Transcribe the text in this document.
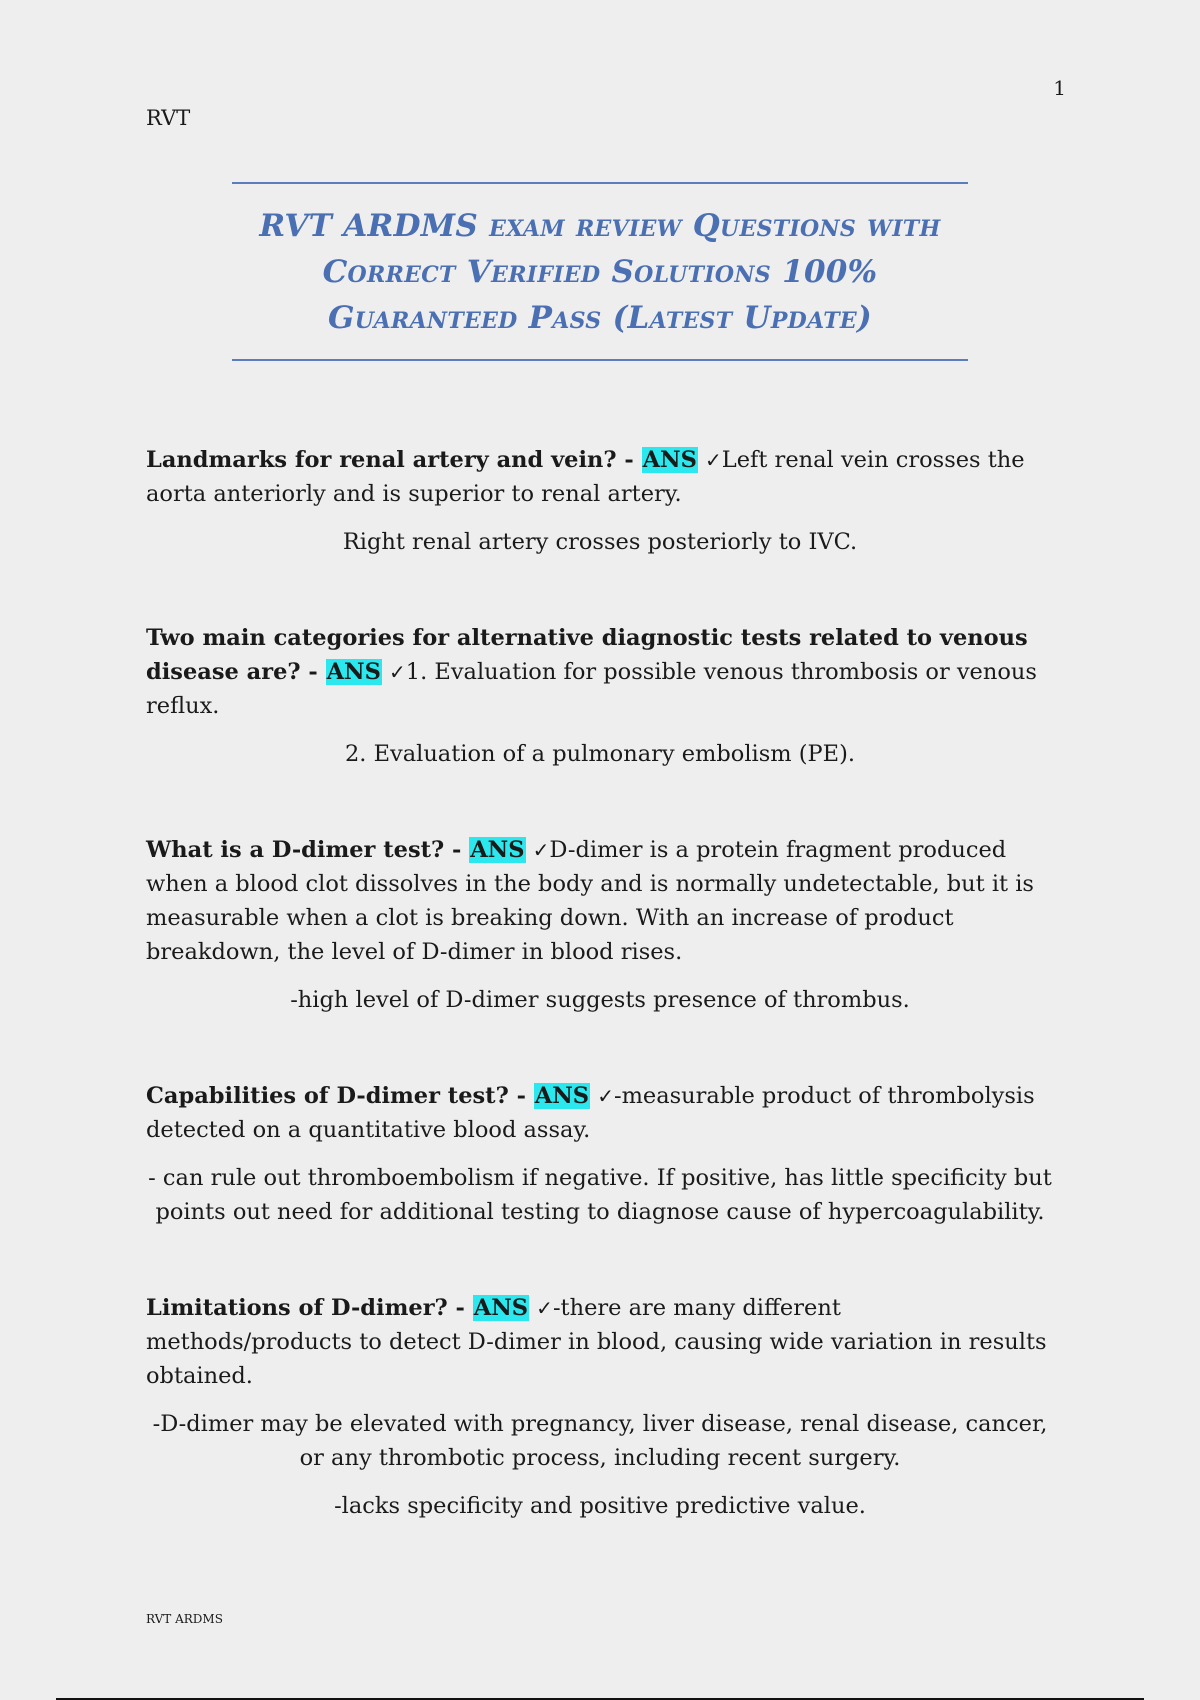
1
RVT
RVT ARDMS exam review Questions with
Correct Verified Solutions 100%
Guaranteed Pass (Latest Update)

Landmarks for renal artery and vein? - ANS ✓Left renal vein crosses the aorta anteriorly and is superior to renal artery.

Right renal artery crosses posteriorly to IVC.

Two main categories for alternative diagnostic tests related to venous disease are? - ANS ✓1. Evaluation for possible venous thrombosis or venous reflux.

2. Evaluation of a pulmonary embolism (PE).

What is a D-dimer test? - ANS ✓D-dimer is a protein fragment produced when a blood clot dissolves in the body and is normally undetectable, but it is measurable when a clot is breaking down. With an increase of product breakdown, the level of D-dimer in blood rises.

-high level of D-dimer suggests presence of thrombus.

Capabilities of D-dimer test? - ANS ✓-measurable product of thrombolysis detected on a quantitative blood assay.

- can rule out thromboembolism if negative. If positive, has little specificity but points out need for additional testing to diagnose cause of hypercoagulability.

Limitations of D-dimer? - ANS ✓-there are many different methods/products to detect D-dimer in blood, causing wide variation in results obtained.

-D-dimer may be elevated with pregnancy, liver disease, renal disease, cancer, or any thrombotic process, including recent surgery.

-lacks specificity and positive predictive value.

RVT ARDMS
